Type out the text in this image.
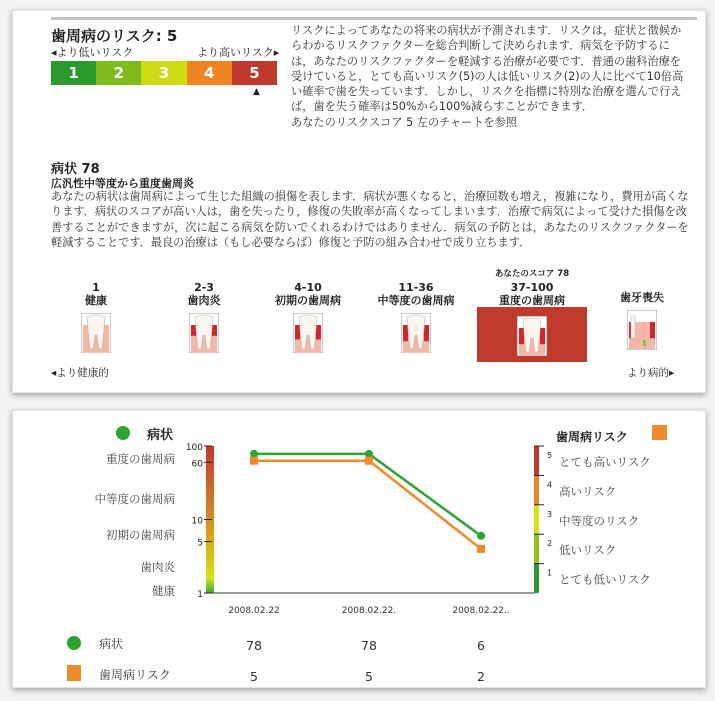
歯周病のリスク: 5
◂より低いリスク	より高いリスク▸
1	2	3	4	5
▲
リスクによってあなたの将来の病状が予測されます．リスクは，症状と徴候からわかるリスクファクターを総合判断して決められます．病気を予防するには，あなたのリスクファクターを軽減する治療が必要です．普通の歯科治療を受けていると，とても高いリスク(5)の人は低いリスク(2)の人に比べて10倍高い確率で歯を失っています．しかし，リスクを指標に特別な治療を選んで行えば，歯を失う確率は50%から100%減らすことができます．
あなたのリスクスコア 5 左のチャートを参照
病状 78
広汎性中等度から重度歯周炎
あなたの病状は歯周病によって生じた組織の損傷を表します．病状が悪くなると，治療回数も増え，複雑になり，費用が高くなります．病状のスコアが高い人は，歯を失ったり，修復の失敗率が高くなってしまいます．治療で病気によって受けた損傷を改善することができますが，次に起こる病気を防いでくれるわけではありません．病気の予防とは，あなたのリスクファクターを軽減することです．最良の治療は（もし必要ならば）修復と予防の組み合わせで成り立ちます．
あなたのスコア 78
1
健康
2-3
歯肉炎
4-10
初期の歯周病
11-36
中等度の歯周病
37-100
重度の歯周病	歯牙喪失
◂より健康的	より病的▸
病状
100
60
10
5
1
重度の歯周病
中等度の歯周病
初期の歯周病
歯肉炎
健康
歯周病リスク
5 とても高いリスク
4 高いリスク
3 中等度のリスク
2 低いリスク
1 とても低いリスク
2008.02.22	2008.02.22.	2008.02.22..
病状	78	78	6
歯周病リスク	5	5	2
